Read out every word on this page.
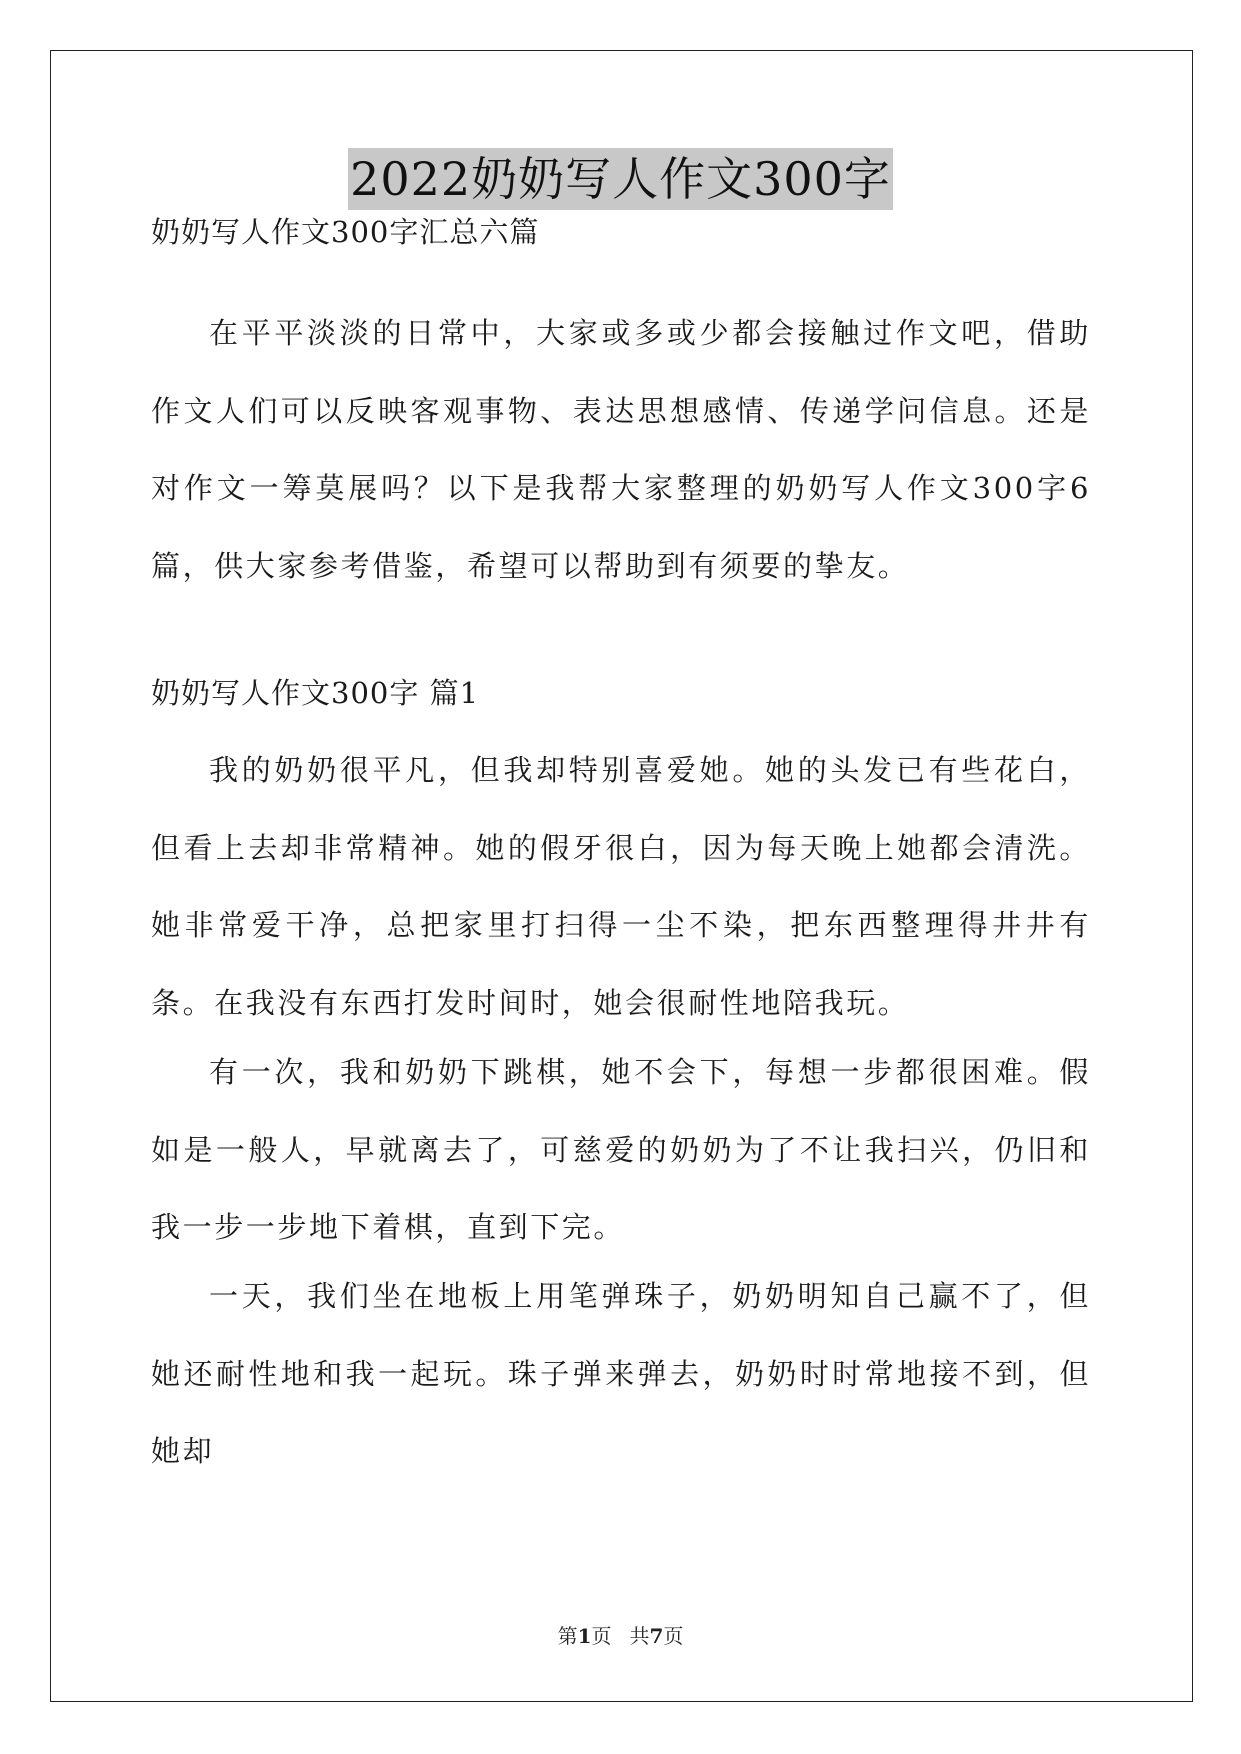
2022奶奶写人作文300字
奶奶写人作文300字汇总六篇
在平平淡淡的日常中，大家或多或少都会接触过作文吧，借助作文人们可以反映客观事物、表达思想感情、传递学问信息。还是对作文一筹莫展吗？以下是我帮大家整理的奶奶写人作文300字6篇，供大家参考借鉴，希望可以帮助到有须要的挚友。
奶奶写人作文300字 篇1
我的奶奶很平凡，但我却特别喜爱她。她的头发已有些花白，但看上去却非常精神。她的假牙很白，因为每天晚上她都会清洗。她非常爱干净，总把家里打扫得一尘不染，把东西整理得井井有条。在我没有东西打发时间时，她会很耐性地陪我玩。
有一次，我和奶奶下跳棋，她不会下，每想一步都很困难。假如是一般人，早就离去了，可慈爱的奶奶为了不让我扫兴，仍旧和我一步一步地下着棋，直到下完。
一天，我们坐在地板上用笔弹珠子，奶奶明知自己赢不了，但她还耐性地和我一起玩。珠子弹来弹去，奶奶时时常地接不到，但她却
第1页 共7页
